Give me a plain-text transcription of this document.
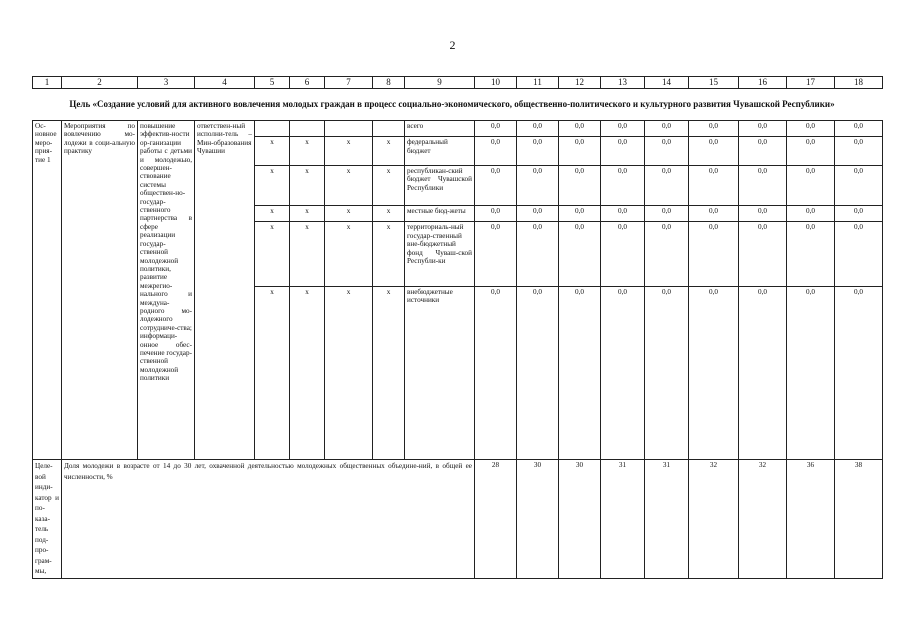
2
1	2	3	4	5	6	7	8	9	10	11	12	13	14	15	16	17	18
Цель «Создание условий для активного вовлечения молодых граждан в процесс социально-экономического, общественно-политического и культурного развития Чувашской Республики»
Ос-новное меро-прия-тие 1	Мероприятия по вовлечению мо-лодежи в соци-альную практику	повышение эффектив-ности ор-ганизации работы с детьми и молодежью, совершен-ствование системы обществен-но-государ-ственного партнерства в сфере реализации государ-ственной молодежной политики, развитие межрегио-нального и междуна-родного мо-лодежного сотрудниче-ства; информаци-онное обес-печение государ-ственной молодежной политики	ответствен-ный исполни-тель – Мин-образования Чувашии					всего	0,0	0,0	0,0	0,0	0,0	0,0	0,0	0,0	0,0
				x	x	x	x	федеральный бюджет	0,0	0,0	0,0	0,0	0,0	0,0	0,0	0,0	0,0
				x	x	x	x	республикан-ский бюджет Чувашской Республики	0,0	0,0	0,0	0,0	0,0	0,0	0,0	0,0	0,0
				x	x	x	x	местные бюд-жеты	0,0	0,0	0,0	0,0	0,0	0,0	0,0	0,0	0,0
				x	x	x	x	территориаль-ный государ-ственный вне-бюджетный фонд Чуваш-ской Республи-ки	0,0	0,0	0,0	0,0	0,0	0,0	0,0	0,0	0,0
				x	x	x	x	внебюджетные источники	0,0	0,0	0,0	0,0	0,0	0,0	0,0	0,0	0,0
Целе-вой инди-катор и по-каза-тель под-про-грам-мы,	Доля молодежи в возрасте от 14 до 30 лет, охваченной деятельностью молодежных общественных объедине-ний, в общей ее численности, %								28	30	30	31	31	32	32	36	38
